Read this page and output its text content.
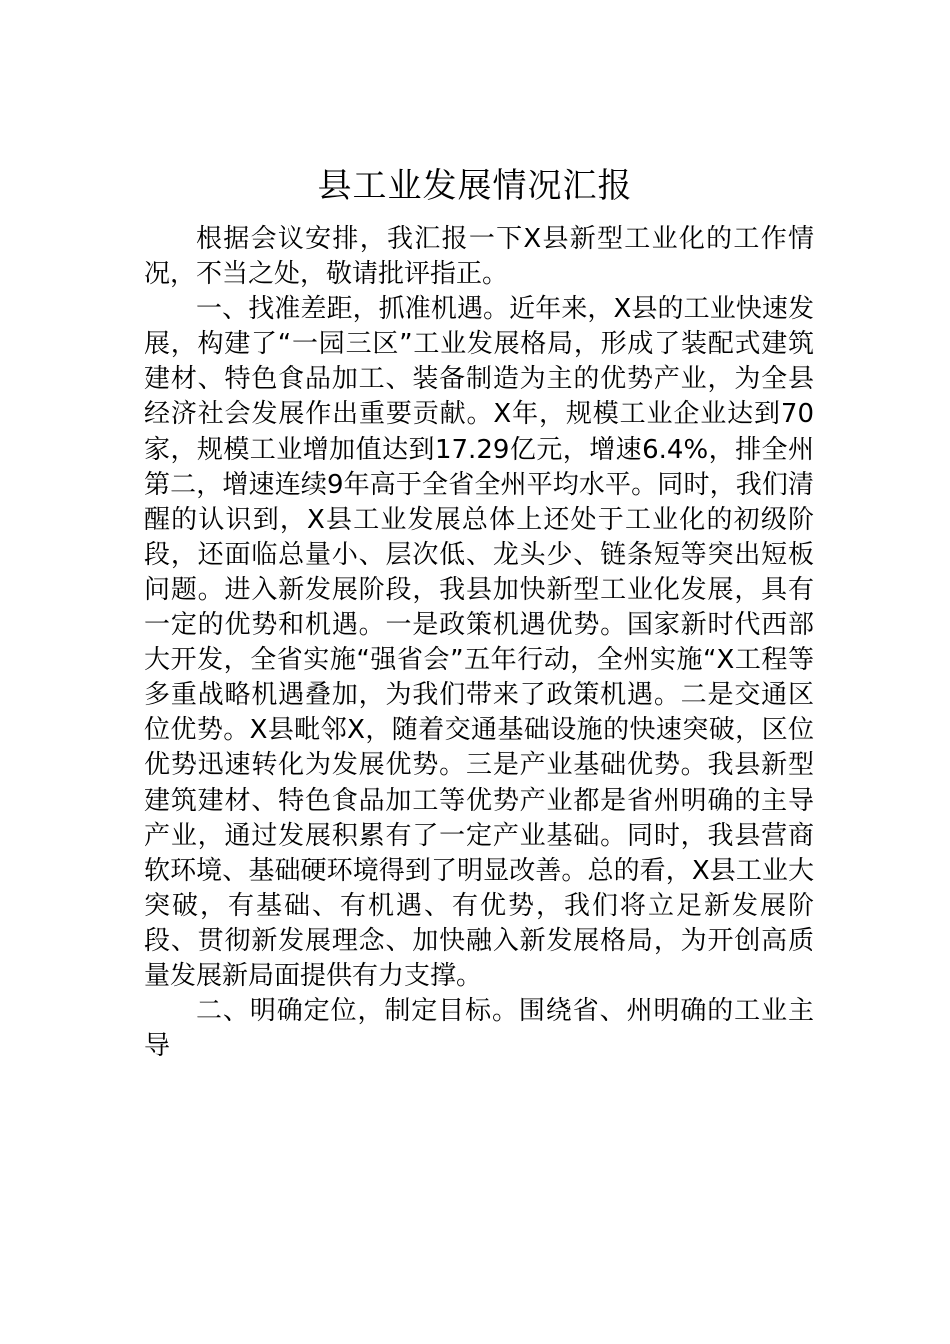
县工业发展情况汇报

根据会议安排，我汇报一下X县新型工业化的工作情况，不当之处，敬请批评指正。

一、找准差距，抓准机遇。近年来，X县的工业快速发展，构建了“一园三区”工业发展格局，形成了装配式建筑建材、特色食品加工、装备制造为主的优势产业，为全县经济社会发展作出重要贡献。X年，规模工业企业达到70家，规模工业增加值达到17.29亿元，增速6.4%，排全州第二，增速连续9年高于全省全州平均水平。同时，我们清醒的认识到，X县工业发展总体上还处于工业化的初级阶段，还面临总量小、层次低、龙头少、链条短等突出短板问题。进入新发展阶段，我县加快新型工业化发展，具有一定的优势和机遇。一是政策机遇优势。国家新时代西部大开发，全省实施“强省会”五年行动，全州实施“X工程等多重战略机遇叠加，为我们带来了政策机遇。二是交通区位优势。X县毗邻X，随着交通基础设施的快速突破，区位优势迅速转化为发展优势。三是产业基础优势。我县新型建筑建材、特色食品加工等优势产业都是省州明确的主导产业，通过发展积累有了一定产业基础。同时，我县营商软环境、基础硬环境得到了明显改善。总的看，X县工业大突破，有基础、有机遇、有优势，我们将立足新发展阶段、贯彻新发展理念、加快融入新发展格局，为开创高质量发展新局面提供有力支撑。

二、明确定位，制定目标。围绕省、州明确的工业主导
